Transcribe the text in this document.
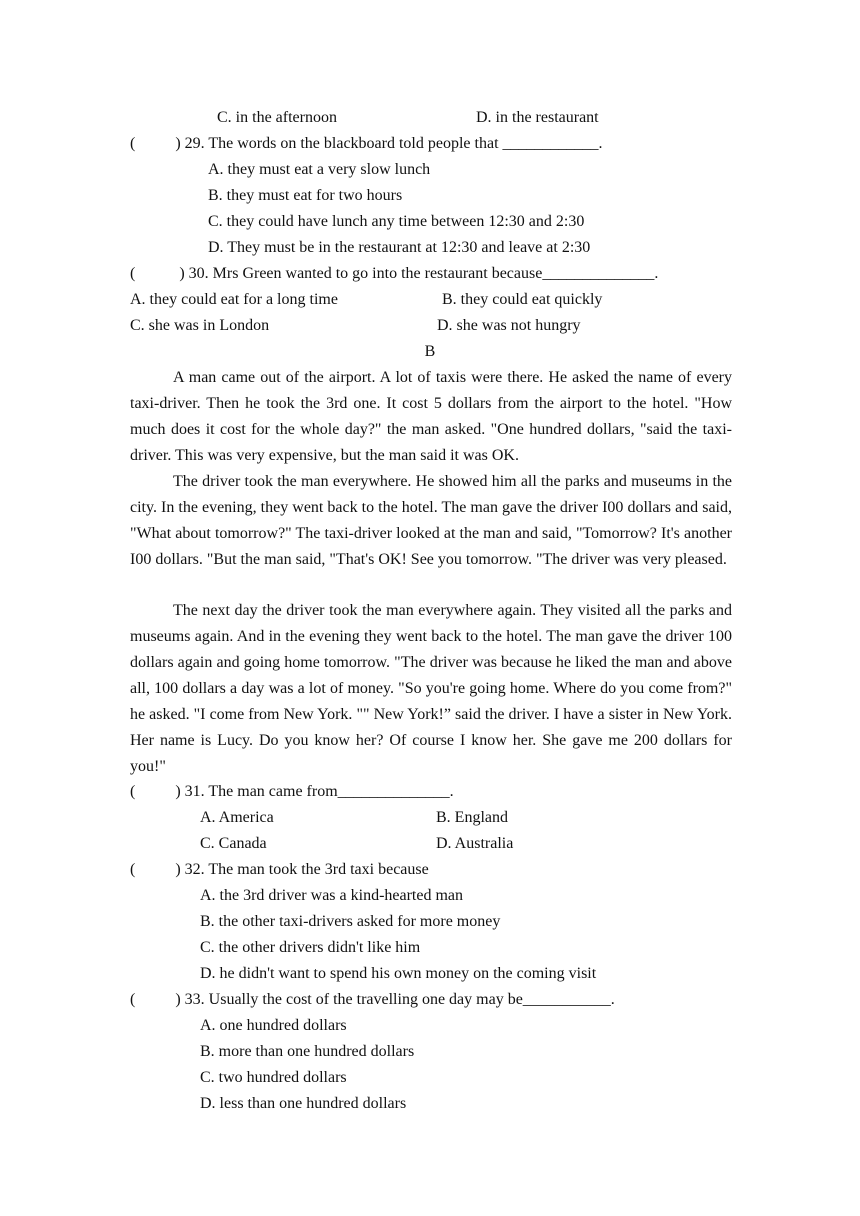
C. in the afternoon	D. in the restaurant
(          ) 29. The words on the blackboard told people that ____________.
A. they must eat a very slow lunch
B. they must eat for two hours
C. they could have lunch any time between 12:30 and 2:30
D. They must be in the restaurant at 12:30 and leave at 2:30
(           ) 30. Mrs Green wanted to go into the restaurant because______________.
A. they could eat for a long time	B. they could eat quickly
C. she was in London	D. she was not hungry
B
A man came out of the airport. A lot of taxis were there. He asked the name of every taxi-driver. Then he took the 3rd one. It cost 5 dollars from the airport to the hotel. "How much does it cost for the whole day?" the man asked. "One hundred dollars, "said the taxi-driver. This was very expensive, but the man said it was OK.
The driver took the man everywhere. He showed him all the parks and museums in the city. In the evening, they went back to the hotel. The man gave the driver I00 dollars and said, "What about tomorrow?" The taxi-driver looked at the man and said, "Tomorrow? It's another I00 dollars. "But the man said, "That's OK! See you tomorrow. "The driver was very pleased.
The next day the driver took the man everywhere again. They visited all the parks and museums again. And in the evening they went back to the hotel. The man gave the driver 100 dollars again and going home tomorrow. "The driver was because he liked the man and above all, 100 dollars a day was a lot of money. "So you're going home. Where do you come from?" he asked. "I come from New York. "" New York!” said the driver. I have a sister in New York. Her name is Lucy. Do you know her? Of course I know her. She gave me 200 dollars for you!"
(          ) 31. The man came from______________.
A. America	B. England
C. Canada	D. Australia
(          ) 32. The man took the 3rd taxi because
A. the 3rd driver was a kind-hearted man
B. the other taxi-drivers asked for more money
C. the other drivers didn't like him
D. he didn't want to spend his own money on the coming visit
(          ) 33. Usually the cost of the travelling one day may be___________.
A. one hundred dollars
B. more than one hundred dollars
C. two hundred dollars
D. less than one hundred dollars
